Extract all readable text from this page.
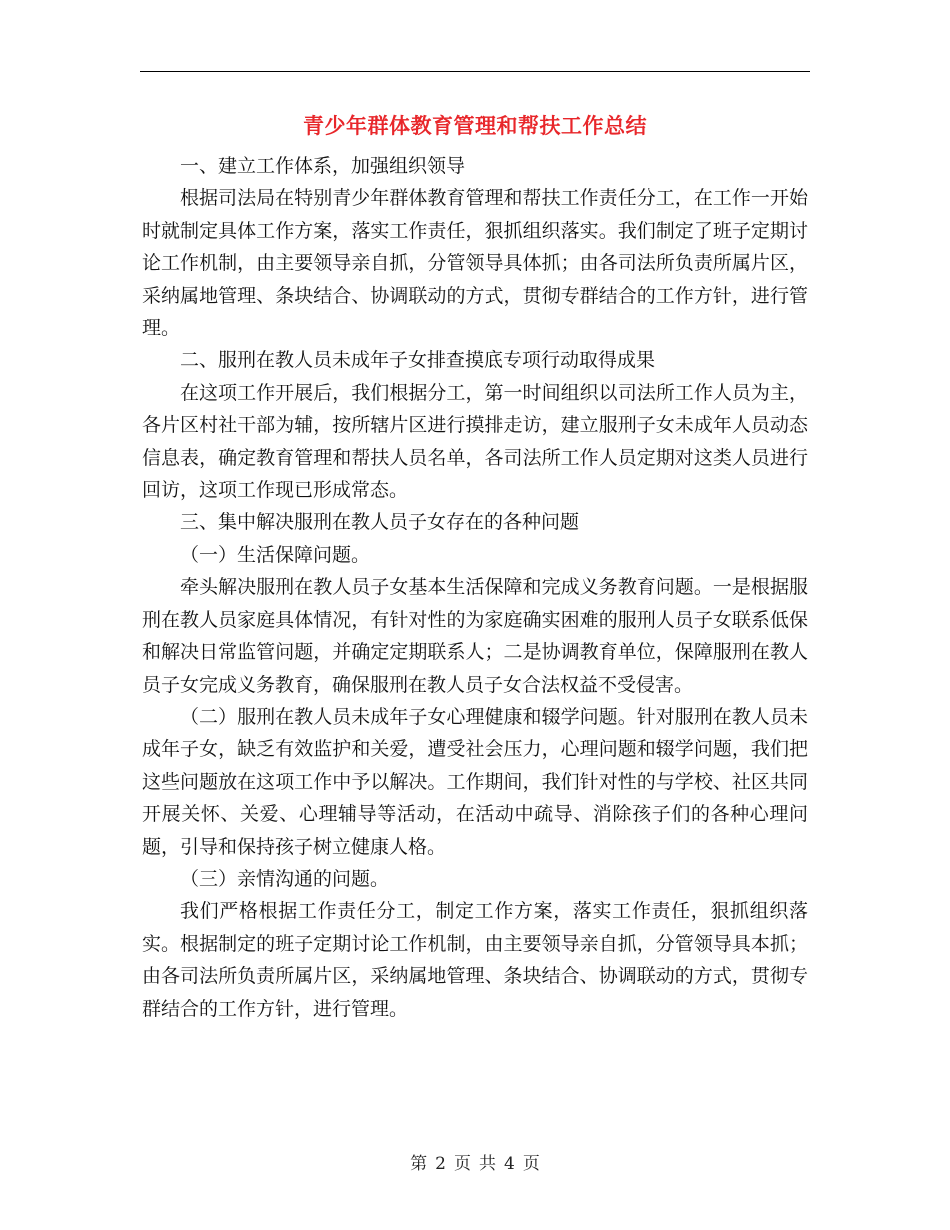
青少年群体教育管理和帮扶工作总结

一、建立工作体系，加强组织领导

根据司法局在特别青少年群体教育管理和帮扶工作责任分工，在工作一开始时就制定具体工作方案，落实工作责任，狠抓组织落实。我们制定了班子定期讨论工作机制，由主要领导亲自抓，分管领导具体抓；由各司法所负责所属片区，采纳属地管理、条块结合、协调联动的方式，贯彻专群结合的工作方针，进行管理。

二、服刑在教人员未成年子女排查摸底专项行动取得成果

在这项工作开展后，我们根据分工，第一时间组织以司法所工作人员为主，各片区村社干部为辅，按所辖片区进行摸排走访，建立服刑子女未成年人员动态信息表，确定教育管理和帮扶人员名单，各司法所工作人员定期对这类人员进行回访，这项工作现已形成常态。

三、集中解决服刑在教人员子女存在的各种问题

（一）生活保障问题。

牵头解决服刑在教人员子女基本生活保障和完成义务教育问题。一是根据服刑在教人员家庭具体情况，有针对性的为家庭确实困难的服刑人员子女联系低保和解决日常监管问题，并确定定期联系人；二是协调教育单位，保障服刑在教人员子女完成义务教育，确保服刑在教人员子女合法权益不受侵害。

（二）服刑在教人员未成年子女心理健康和辍学问题。针对服刑在教人员未成年子女，缺乏有效监护和关爱，遭受社会压力，心理问题和辍学问题，我们把这些问题放在这项工作中予以解决。工作期间，我们针对性的与学校、社区共同开展关怀、关爱、心理辅导等活动，在活动中疏导、消除孩子们的各种心理问题，引导和保持孩子树立健康人格。

（三）亲情沟通的问题。

我们严格根据工作责任分工，制定工作方案，落实工作责任，狠抓组织落实。根据制定的班子定期讨论工作机制，由主要领导亲自抓，分管领导具本抓；由各司法所负责所属片区，采纳属地管理、条块结合、协调联动的方式，贯彻专群结合的工作方针，进行管理。

第 2 页 共 4 页
